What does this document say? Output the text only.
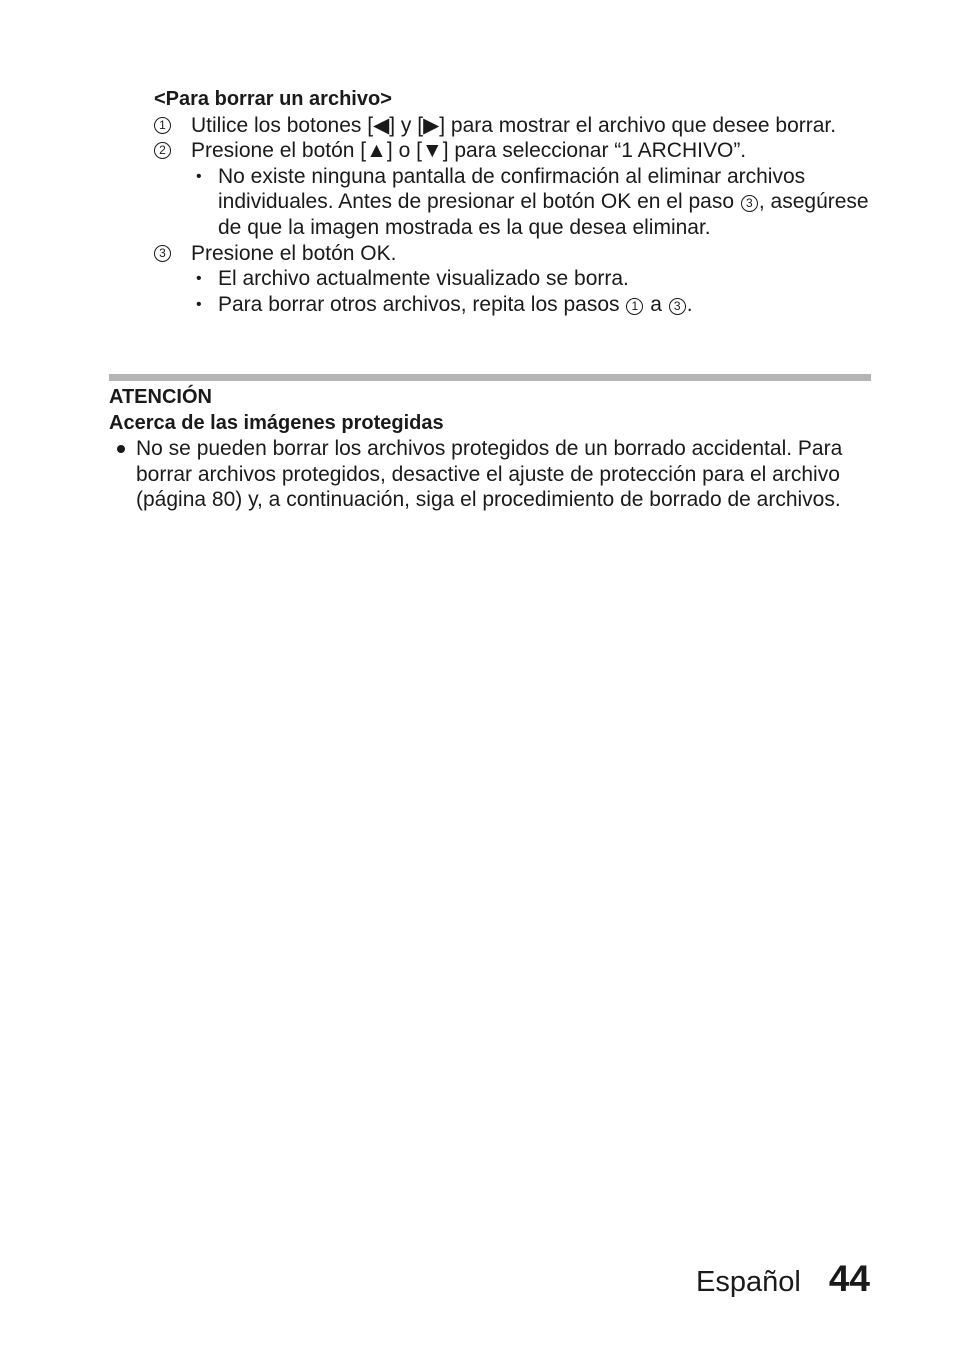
<Para borrar un archivo>
1 Utilice los botones [◀] y [▶] para mostrar el archivo que desee borrar.
2 Presione el botón [▲] o [▼] para seleccionar “1 ARCHIVO”.
• No existe ninguna pantalla de confirmación al eliminar archivos individuales. Antes de presionar el botón OK en el paso 3 , asegúrese de que la imagen mostrada es la que desea eliminar.
3 Presione el botón OK.
• El archivo actualmente visualizado se borra.
• Para borrar otros archivos, repita los pasos 1 a 3 .
ATENCIÓN
Acerca de las imágenes protegidas
No se pueden borrar los archivos protegidos de un borrado accidental. Para borrar archivos protegidos, desactive el ajuste de protección para el archivo (página 80) y, a continuación, siga el procedimiento de borrado de archivos.
Español 44
